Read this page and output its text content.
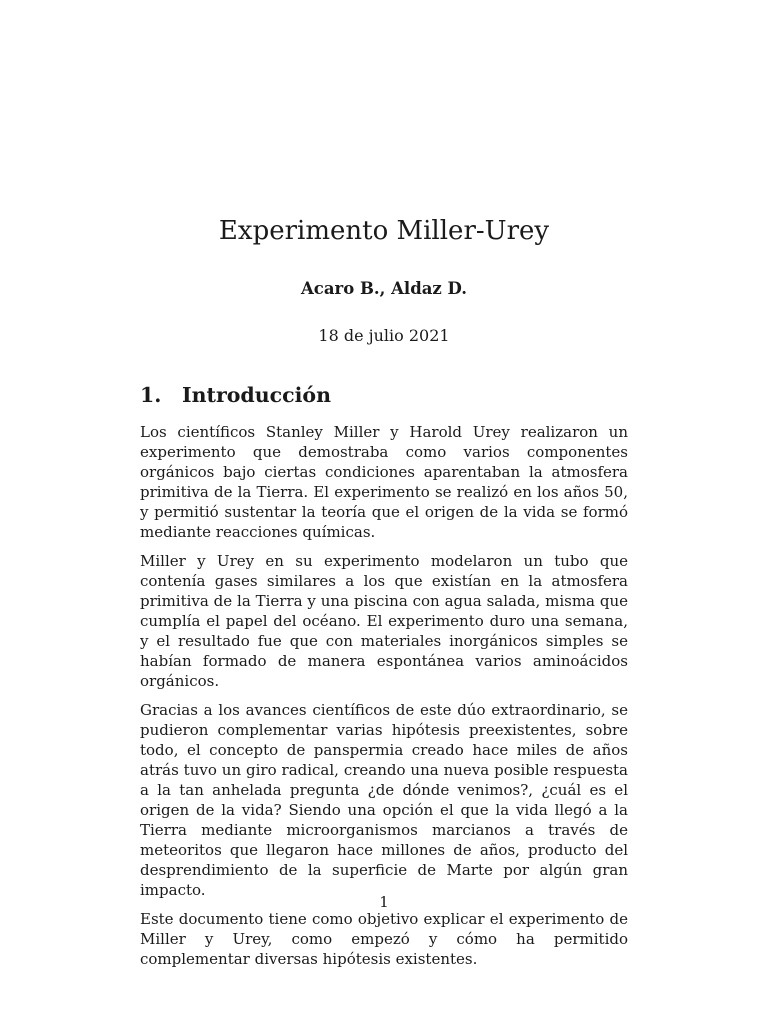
Experimento Miller-Urey
Acaro B., Aldaz D.
18 de julio 2021
1. Introducción

Los científicos Stanley Miller y Harold Urey realizaron un experimento que demostraba como varios componentes orgánicos bajo ciertas condiciones aparentaban la atmosfera primitiva de la Tierra. El experimento se realizó en los años 50, y permitió sustentar la teoría que el origen de la vida se formó mediante reacciones químicas.

Miller y Urey en su experimento modelaron un tubo que contenía gases similares a los que existían en la atmosfera primitiva de la Tierra y una piscina con agua salada, misma que cumplía el papel del océano. El experimento duro una semana, y el resultado fue que con materiales inorgánicos simples se habían formado de manera espontánea varios aminoácidos orgánicos.

Gracias a los avances científicos de este dúo extraordinario, se pudieron complementar varias hipótesis preexistentes, sobre todo, el concepto de panspermia creado hace miles de años atrás tuvo un giro radical, creando una nueva posible respuesta a la tan anhelada pregunta ¿de dónde venimos?, ¿cuál es el origen de la vida? Siendo una opción el que la vida llegó a la Tierra mediante microorganismos marcianos a través de meteoritos que llegaron hace millones de años, producto del desprendimiento de la superficie de Marte por algún gran impacto.

Este documento tiene como objetivo explicar el experimento de Miller y Urey, como empezó y cómo ha permitido complementar diversas hipótesis existentes.

1
